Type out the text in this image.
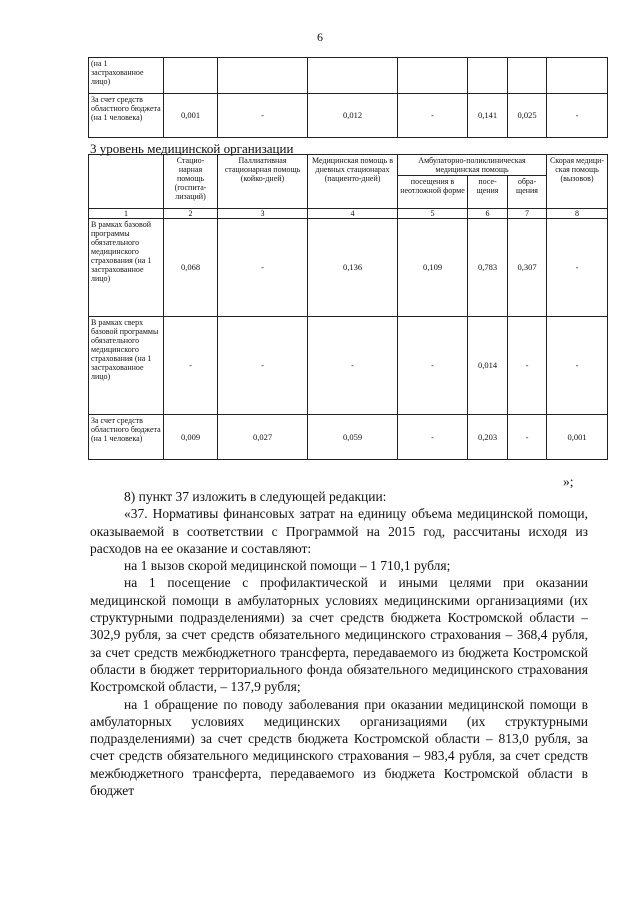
6
(на 1 застрахованное лицо)							
За счет средств областного бюджета (на 1 человека)	0,001	-	0,012	-	0,141	0,025	-
3 уровень медицинской организации
	Стацио-нарная помощь (госпита-лизаций)	Паллиативная стационарная помощь (койко-дней)	Медицинская помощь в дневных стационарах (пациенто-дней)	Амбулаторно-поликлиническая медицинская помощь			Скорая медици-ская помощь (вызовов)
				посещения в неотложной форме	посе-щения	обра-щения	
1	2	3	4	5	6	7	8
В рамках базовой программы обязательного медицинского страхования (на 1 застрахованное лицо)	0,068	-	0,136	0,109	0,783	0,307	-
В рамках сверх базовой программы обязательного медицинского страхования (на 1 застрахованное лицо)	-	-	-	-	0,014	-	-
За счет средств областного бюджета (на 1 человека)	0,009	0,027	0,059	-	0,203	-	0,001
»;

8) пункт 37 изложить в следующей редакции:

«37. Нормативы финансовых затрат на единицу объема медицинской помощи, оказываемой в соответствии с Программой на 2015 год, рассчитаны исходя из расходов на ее оказание и составляют:

на 1 вызов скорой медицинской помощи – 1 710,1 рубля;

на 1 посещение с профилактической и иными целями при оказании медицинской помощи в амбулаторных условиях медицинскими организациями (их структурными подразделениями) за счет средств бюджета Костромской области – 302,9 рубля, за счет средств обязательного медицинского страхования – 368,4 рубля, за счет средств межбюджетного трансферта, передаваемого из бюджета Костромской области в бюджет территориального фонда обязательного медицинского страхования Костромской области, – 137,9 рубля;

на 1 обращение по поводу заболевания при оказании медицинской помощи в амбулаторных условиях медицинских организациями (их структурными подразделениями) за счет средств бюджета Костромской области – 813,0 рубля, за счет средств обязательного медицинского страхования – 983,4 рубля, за счет средств межбюджетного трансферта, передаваемого из бюджета Костромской области в бюджет
